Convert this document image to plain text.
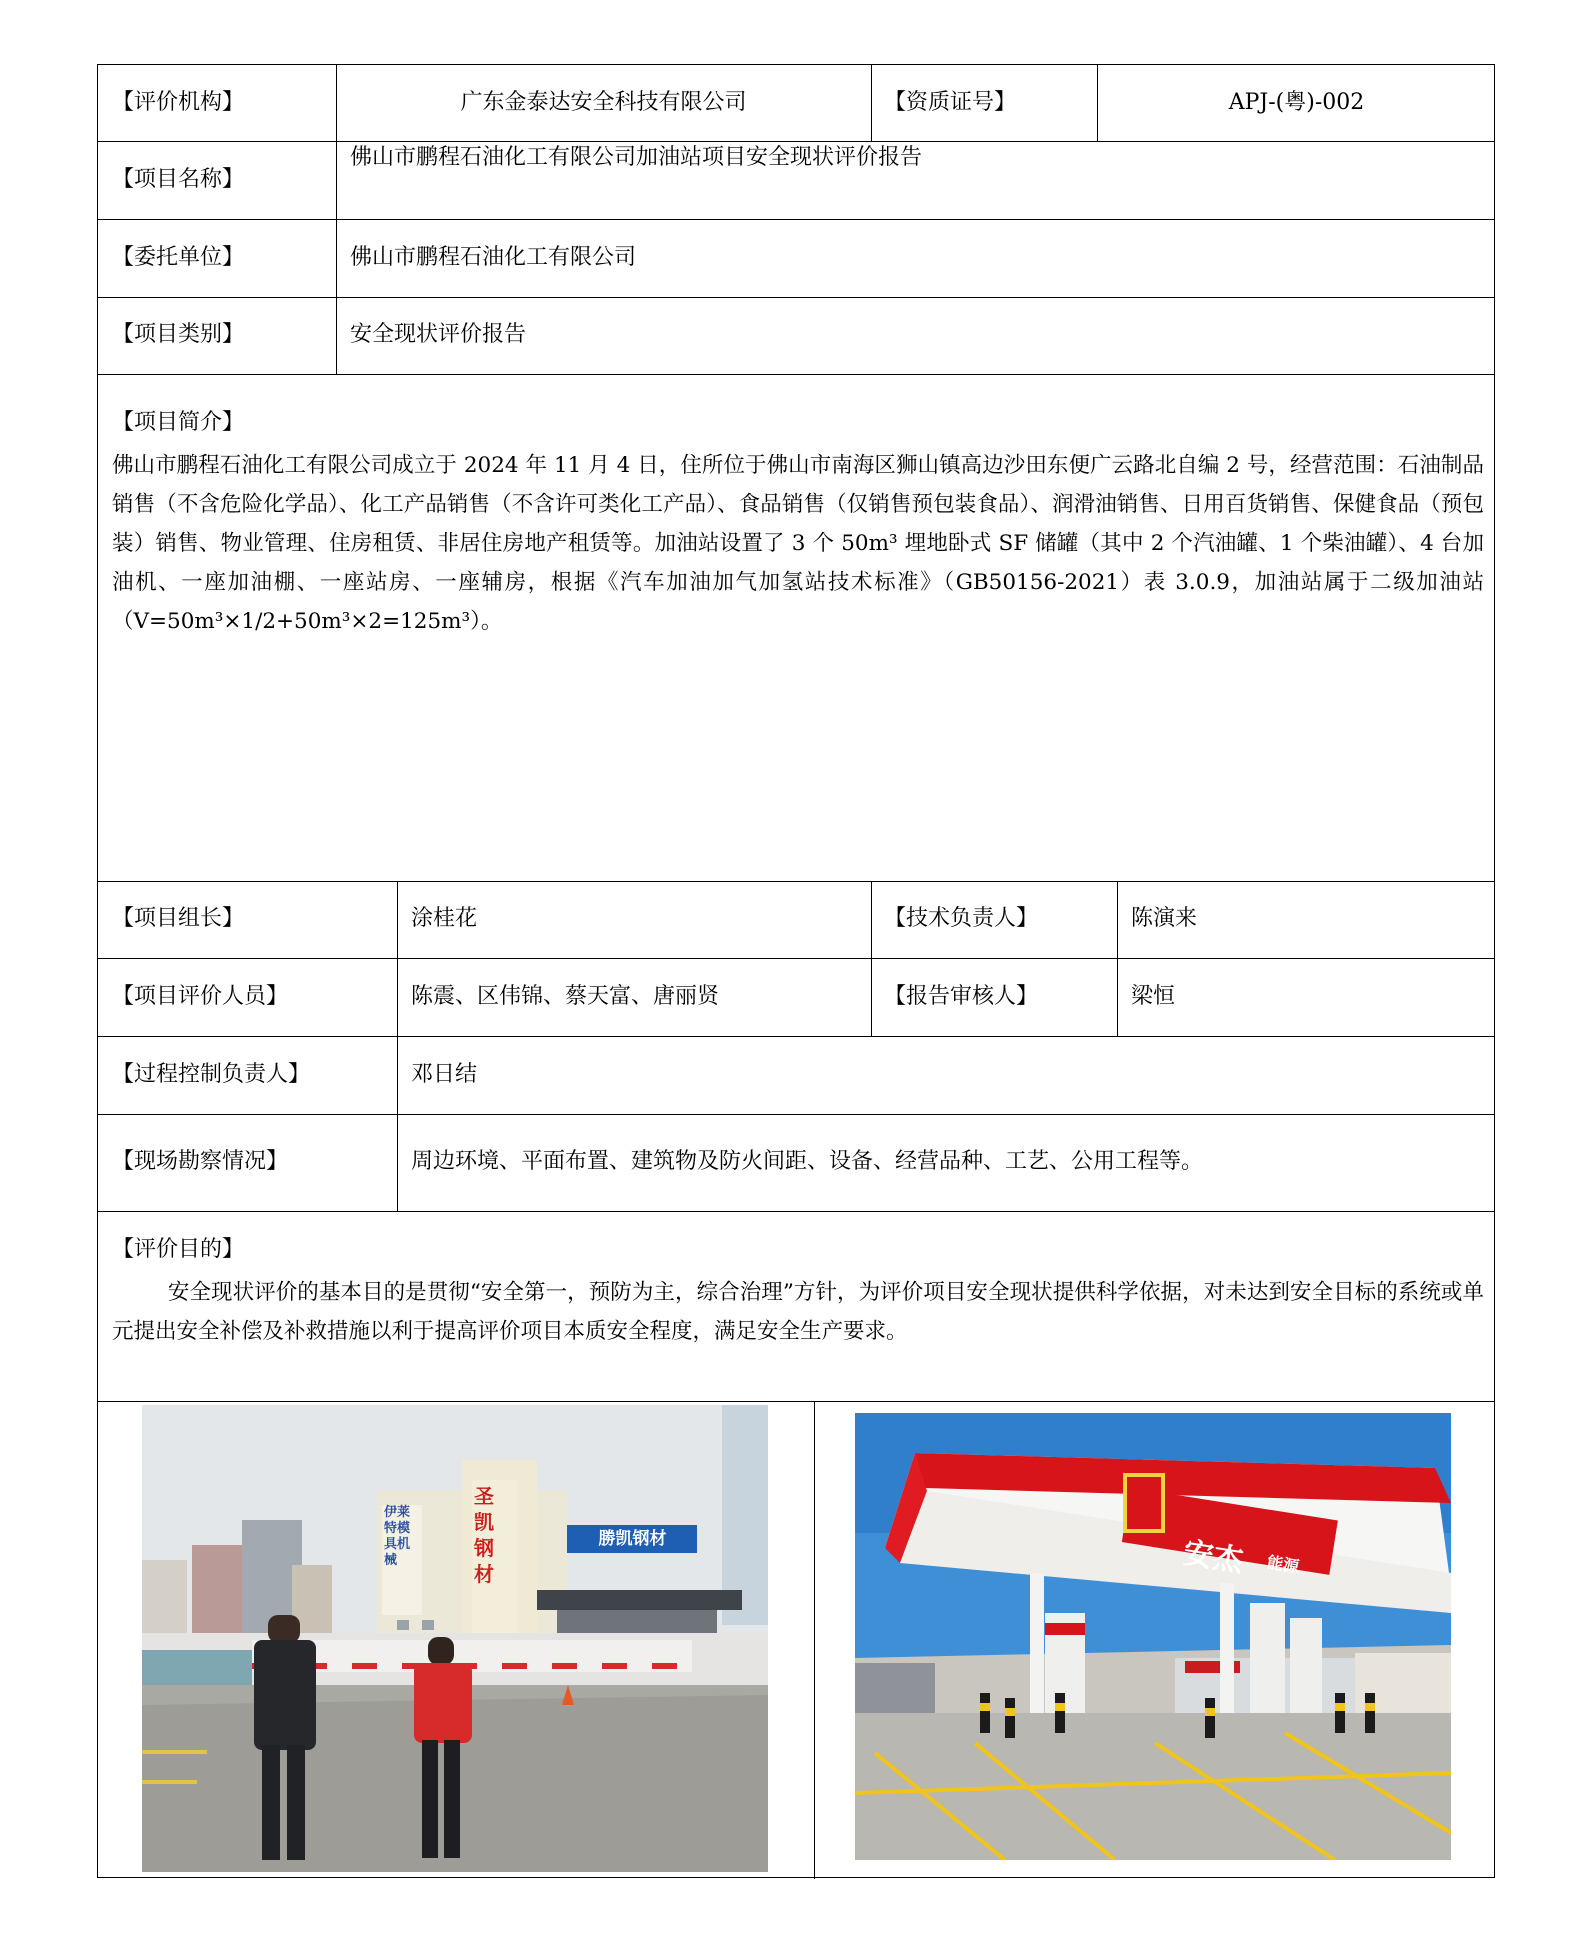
【评价机构】	广东金泰达安全科技有限公司	【资质证号】	APJ-(粤)-002
【项目名称】
佛山市鹏程石油化工有限公司加油站项目安全现状评价报告
【委托单位】	佛山市鹏程石油化工有限公司
【项目类别】	安全现状评价报告
【项目简介】
佛山市鹏程石油化工有限公司成立于 2024 年 11 月 4 日，住所位于佛山市南海区狮山镇高边沙田东便广云路北自编 2 号，经营范围：石油制品销售（不含危险化学品）、化工产品销售（不含许可类化工产品）、食品销售（仅销售预包装食品）、润滑油销售、日用百货销售、保健食品（预包装）销售、物业管理、住房租赁、非居住房地产租赁等。加油站设置了 3 个 50m³ 埋地卧式 SF 储罐（其中 2 个汽油罐、1 个柴油罐）、4 台加油机、一座加油棚、一座站房、一座辅房，根据《汽车加油加气加氢站技术标准》（GB50156-2021）表 3.0.9，加油站属于二级加油站（V=50m³×1/2+50m³×2=125m³）。
【项目组长】	涂桂花	【技术负责人】	陈演来
【项目评价人员】	陈震、区伟锦、蔡天富、唐丽贤	【报告审核人】	梁恒
【过程控制负责人】	邓日结
【现场勘察情况】	周边环境、平面布置、建筑物及防火间距、设备、经营品种、工艺、公用工程等。
【评价目的】
安全现状评价的基本目的是贯彻“安全第一，预防为主，综合治理”方针，为评价项目安全现状提供科学依据，对未达到安全目标的系统或单元提出安全补偿及补救措施以利于提高评价项目本质安全程度，满足安全生产要求。
圣凯钢材
勝凯钢材
伊莱特模具机械	安杰 能源
